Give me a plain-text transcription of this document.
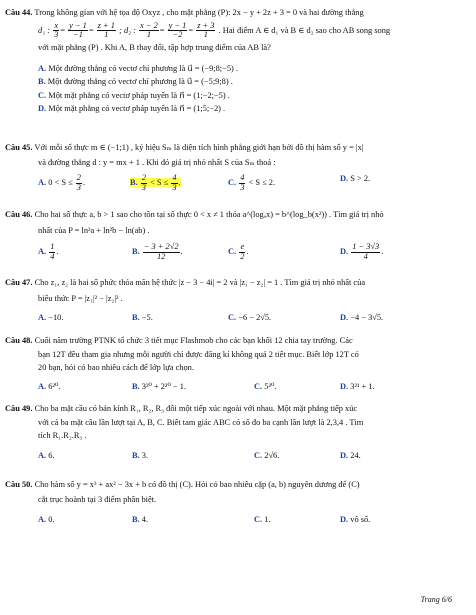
Câu 44. Trong không gian với hệ tọa độ Oxyz , cho mặt phẳng (P): 2x − y + 2z + 3 = 0 và hai đường thẳng
d₁ : $\frac{x}{3} = \frac{y - 1}{-1} = \frac{z + 1}{1}$ ; d₂ : $\frac{x - 2}{1} = \frac{y - 1}{-2} = \frac{z + 3}{1}$ . Hai điểm A ∈ d₁ và B ∈ d₂ sao cho AB song song
với mặt phẳng (P) . Khi A, B thay đổi, tập hợp trung điểm của AB là?
A. Một đường thẳng có vectơ chỉ phương là u⃗ = (−9;8;−5) .
B. Một đường thẳng có vectơ chỉ phương là u⃗ = (−5;9;8) .
C. Một mặt phẳng có vectơ pháp tuyến là n⃗ = (1;−2;−5) .
D. Một mặt phẳng có vectơ pháp tuyến là n⃗ = (1;5;−2) .
Câu 45. Với mỗi số thực m ∈ (−1;1) , ký hiệu Sₘ là diện tích hình phẳng giới hạn bởi đồ thị hàm số y = |x|
và đường thẳng d : y = mx + 1 . Khi đó giá trị nhỏ nhất S của Sₘ thoả :
A. $0 < S \le \frac{2}{3}$ .	B. $\frac{2}{3} < S \le \frac{4}{3}$ .	C. $\frac{4}{3} < S \le 2$.	D. S > 2.
Câu 46. Cho hai số thực a, b > 1 sao cho tồn tại số thực 0 < x ≠ 1 thỏa a^(logₐx) = b^(log_b(x²)) . Tìm giá trị nhỏ
nhất của P = ln²a + ln²b − ln(ab) .
A. $\frac{1}{4}$ .	B. $\frac{- 3 + 2√2}{12}$ .	C. $\frac{e}{2}$ .	D. $\frac{1 - 3√3}{4}$ .
Câu 47. Cho z₁, z₂ là hai số phức thỏa mãn hệ thức |z − 3 − 4i| = 2 và |z₁ − z₂| = 1 . Tìm giá trị nhỏ nhất của
biểu thức P = |z₁|² − |z₂|² .
A. −10.	B. −5.	C. −6 − 2√5.	D. −4 − 3√5.
Câu 48. Cuối năm trường PTNK tổ chức 3 tiết mục Flashmob cho các bạn khối 12 chia tay trường. Các
bạn 12T đều tham gia nhưng mỗi người chỉ được đăng kí không quá 2 tiết mục. Biết lớp 12T có
20 bạn, hỏi có bao nhiêu cách để lớp lựa chọn.
A. 6²⁰.	B. 3²⁰ + 2²⁰ − 1.	C. 5²⁰.	D. 3²¹ + 1.
Câu 49. Cho ba mặt cầu có bán kính R₁, R₂, R₃ đôi một tiếp xúc ngoài với nhau. Một mặt phẳng tiếp xúc
với cả ba mặt cầu lần lượt tại A, B, C. Biết tam giác ABC có số đo ba cạnh lần lượt là 2,3,4 . Tìm
tích R₁.R₂.R₃ .
A. 6.	B. 3.	C. 2√6.	D. 24.
Câu 50. Cho hàm số y = x³ + ax² − 3x + b có đồ thị (C). Hỏi có bao nhiêu cặp (a, b) nguyên dương để (C)
cắt trục hoành tại 3 điểm phân biệt.
A. 0.	B. 4.	C. 1.	D. vô số.
Trang 6/6
